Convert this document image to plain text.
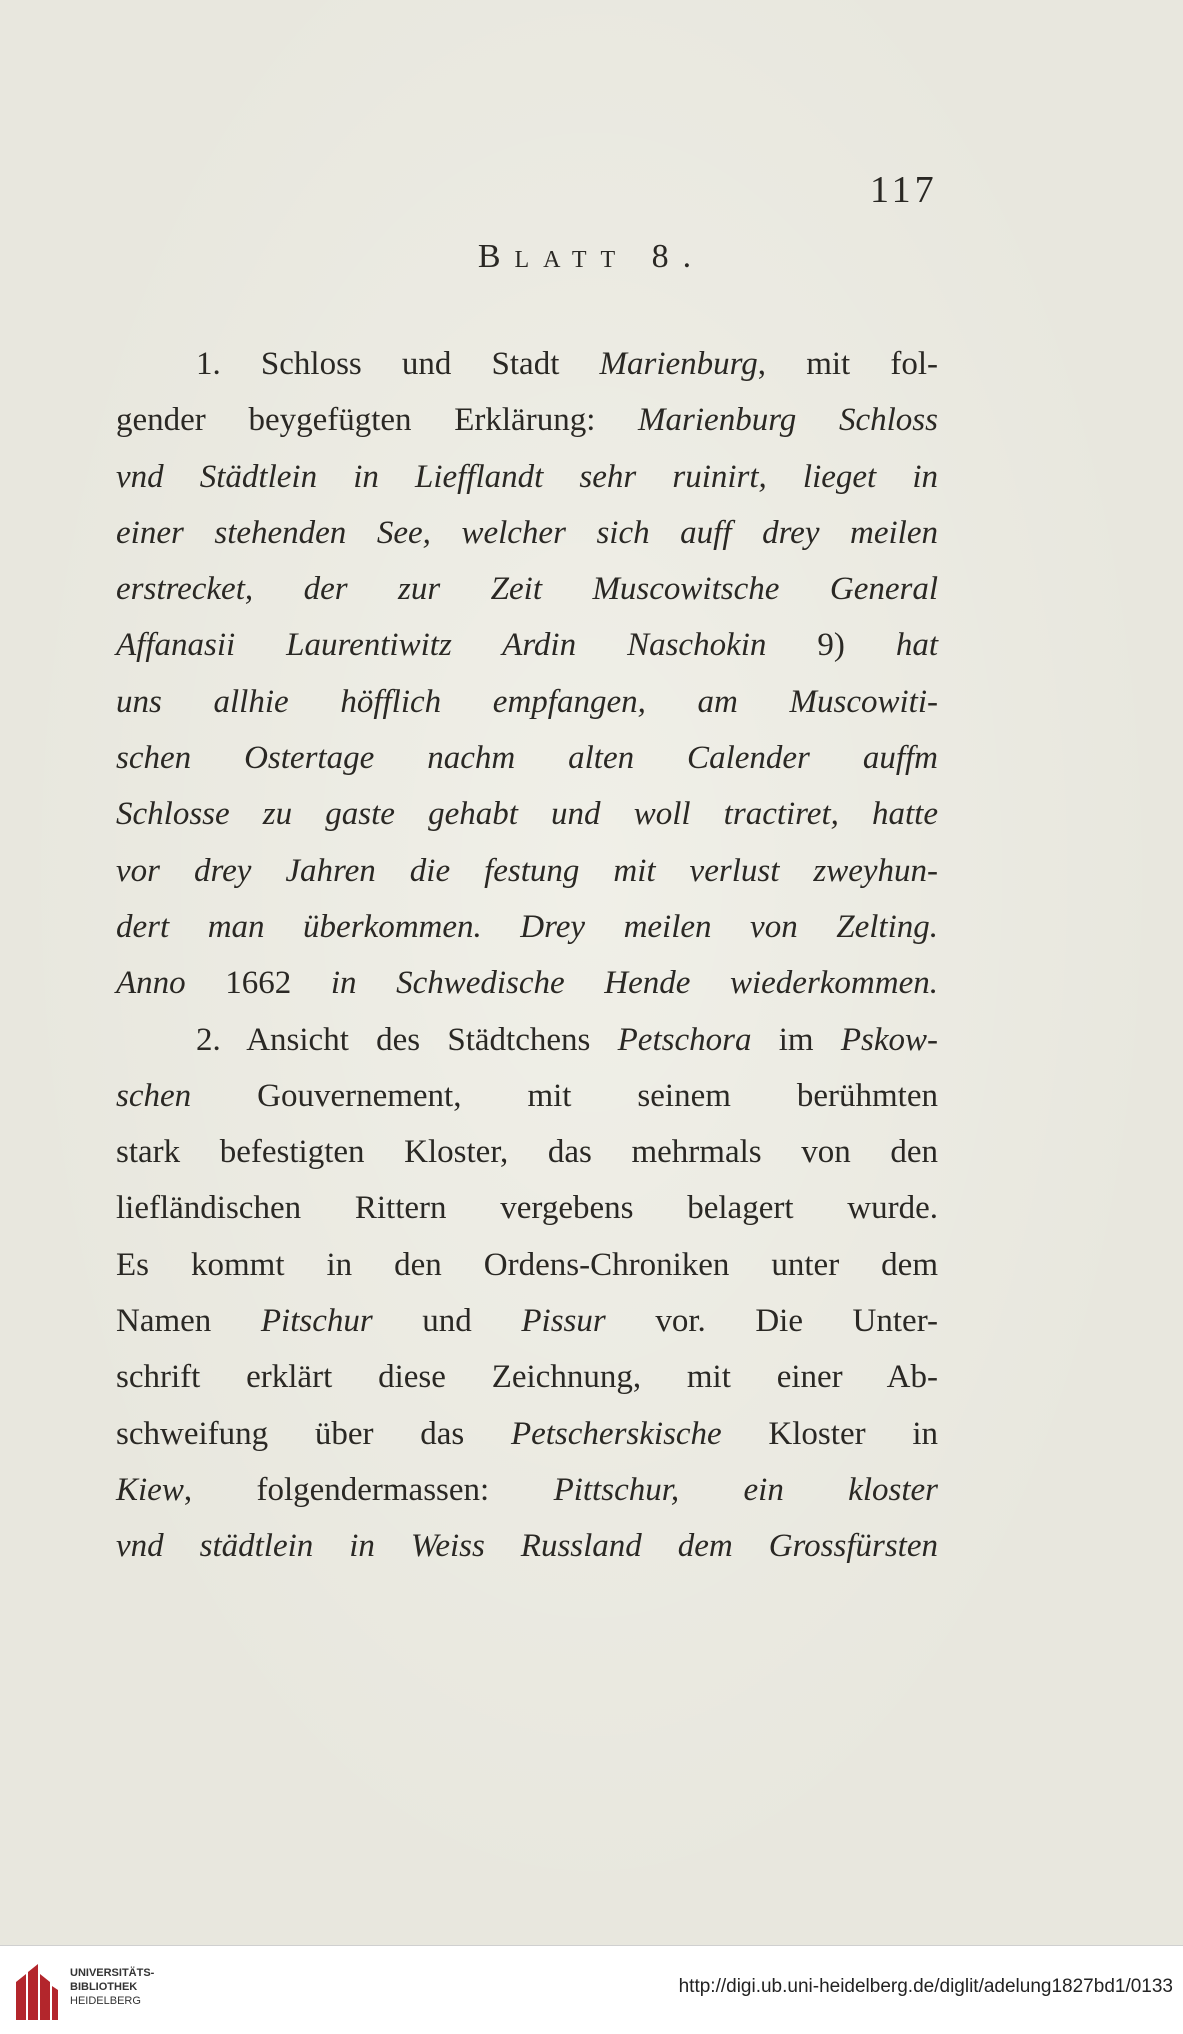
117
Blatt 8.
1. Schloss und Stadt Marienburg, mit fol-
gender beygefügten Erklärung: Marienburg Schloss
vnd Städtlein in Liefflandt sehr ruinirt, lieget in
einer stehenden See, welcher sich auff drey meilen
erstrecket, der zur Zeit Muscowitsche General
Affanasii Laurentiwitz Ardin Naschokin 9) hat
uns allhie höfflich empfangen, am Muscowiti-
schen Ostertage nachm alten Calender auffm
Schlosse zu gaste gehabt und woll tractiret, hatte
vor drey Jahren die festung mit verlust zweyhun-
dert man überkommen. Drey meilen von Zelting.
Anno 1662 in Schwedische Hende wiederkommen.
2. Ansicht des Städtchens Petschora im Pskow-
schen Gouvernement, mit seinem berühmten
stark befestigten Kloster, das mehrmals von den
liefländischen Rittern vergebens belagert wurde.
Es kommt in den Ordens-Chroniken unter dem
Namen Pitschur und Pissur vor. Die Unter-
schrift erklärt diese Zeichnung, mit einer Ab-
schweifung über das Petscherskische Kloster in
Kiew, folgendermassen: Pittschur, ein kloster
vnd städtlein in Weiss Russland dem Grossfürsten
UNIVERSITÄTS-
BIBLIOTHEK
HEIDELBERG
http://digi.ub.uni-heidelberg.de/diglit/adelung1827bd1/0133
